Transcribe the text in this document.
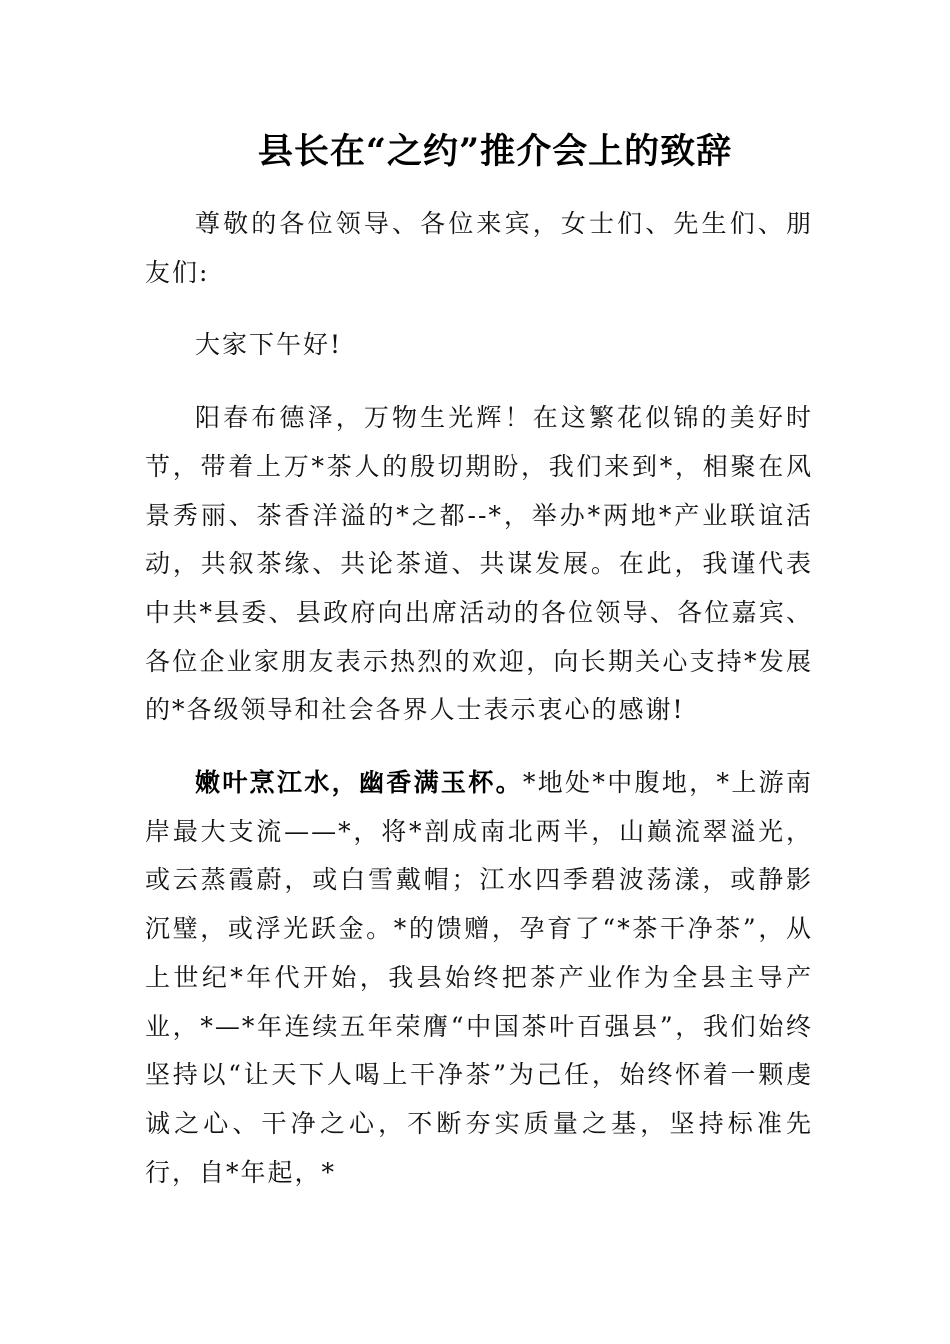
县长在“之约”推介会上的致辞

尊敬的各位领导、各位来宾，女士们、先生们、朋友们:

大家下午好!

阳春布德泽，万物生光辉！在这繁花似锦的美好时节，带着上万*茶人的殷切期盼，我们来到*，相聚在风景秀丽、茶香洋溢的*之都--*，举办*两地*产业联谊活动，共叙茶缘、共论茶道、共谋发展。在此，我谨代表中共*县委、县政府向出席活动的各位领导、各位嘉宾、各位企业家朋友表示热烈的欢迎，向长期关心支持*发展的*各级领导和社会各界人士表示衷心的感谢!

嫩叶烹江水，幽香满玉杯。*地处*中腹地，*上游南岸最大支流——*，将*剖成南北两半，山巅流翠溢光，或云蒸霞蔚，或白雪戴帽；江水四季碧波荡漾，或静影沉璧，或浮光跃金。*的馈赠，孕育了“*茶干净茶”，从上世纪*年代开始，我县始终把茶产业作为全县主导产业，*—*年连续五年荣膺“中国茶叶百强县”，我们始终坚持以“让天下人喝上干净茶”为己任，始终怀着一颗虔诚之心、干净之心，不断夯实质量之基，坚持标准先行，自*年起，*
